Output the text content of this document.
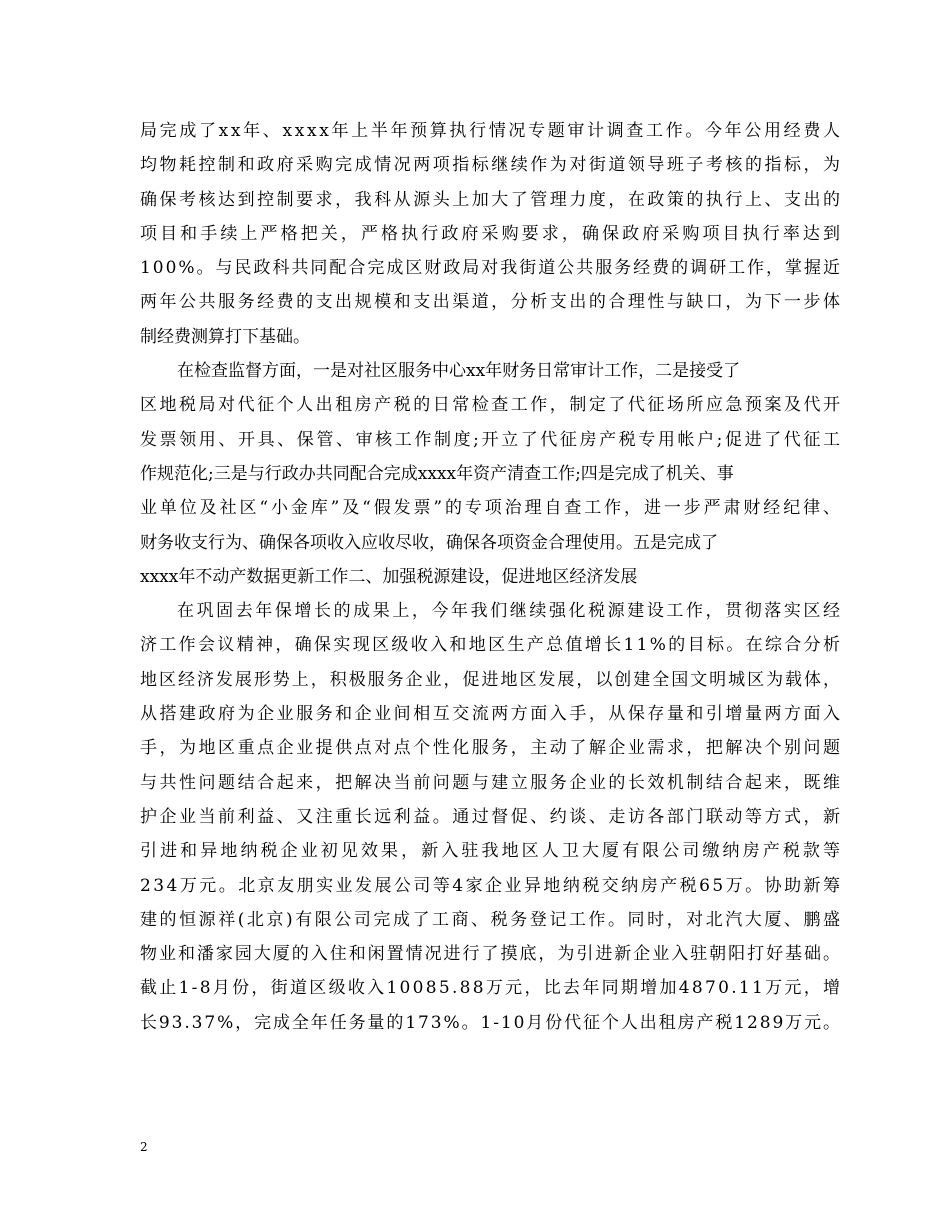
局完成了xx年、xxxx年上半年预算执行情况专题审计调查工作。今年公用经费人
均物耗控制和政府采购完成情况两项指标继续作为对街道领导班子考核的指标，为
确保考核达到控制要求，我科从源头上加大了管理力度，在政策的执行上、支出的
项目和手续上严格把关，严格执行政府采购要求，确保政府采购项目执行率达到
100%。与民政科共同配合完成区财政局对我街道公共服务经费的调研工作，掌握近
两年公共服务经费的支出规模和支出渠道，分析支出的合理性与缺口，为下一步体
制经费测算打下基础。
在检查监督方面，一是对社区服务中心xx年财务日常审计工作，二是接受了
区地税局对代征个人出租房产税的日常检查工作，制定了代征场所应急预案及代开
发票领用、开具、保管、审核工作制度;开立了代征房产税专用帐户;促进了代征工
作规范化;三是与行政办共同配合完成xxxx年资产清查工作;四是完成了机关、事
业单位及社区“小金库”及“假发票”的专项治理自查工作，进一步严肃财经纪律、
财务收支行为、确保各项收入应收尽收，确保各项资金合理使用。五是完成了
xxxx年不动产数据更新工作二、加强税源建设，促进地区经济发展
在巩固去年保增长的成果上，今年我们继续强化税源建设工作，贯彻落实区经
济工作会议精神，确保实现区级收入和地区生产总值增长11%的目标。在综合分析
地区经济发展形势上，积极服务企业，促进地区发展，以创建全国文明城区为载体，
从搭建政府为企业服务和企业间相互交流两方面入手，从保存量和引增量两方面入
手，为地区重点企业提供点对点个性化服务，主动了解企业需求，把解决个别问题
与共性问题结合起来，把解决当前问题与建立服务企业的长效机制结合起来，既维
护企业当前利益、又注重长远利益。通过督促、约谈、走访各部门联动等方式，新
引进和异地纳税企业初见效果，新入驻我地区人卫大厦有限公司缴纳房产税款等
234万元。北京友朋实业发展公司等4家企业异地纳税交纳房产税65万。协助新筹
建的恒源祥(北京)有限公司完成了工商、税务登记工作。同时，对北汽大厦、鹏盛
物业和潘家园大厦的入住和闲置情况进行了摸底，为引进新企业入驻朝阳打好基础。
截止1-8月份，街道区级收入10085.88万元，比去年同期增加4870.11万元，增
长93.37%，完成全年任务量的173%。1-10月份代征个人出租房产税1289万元。
2
